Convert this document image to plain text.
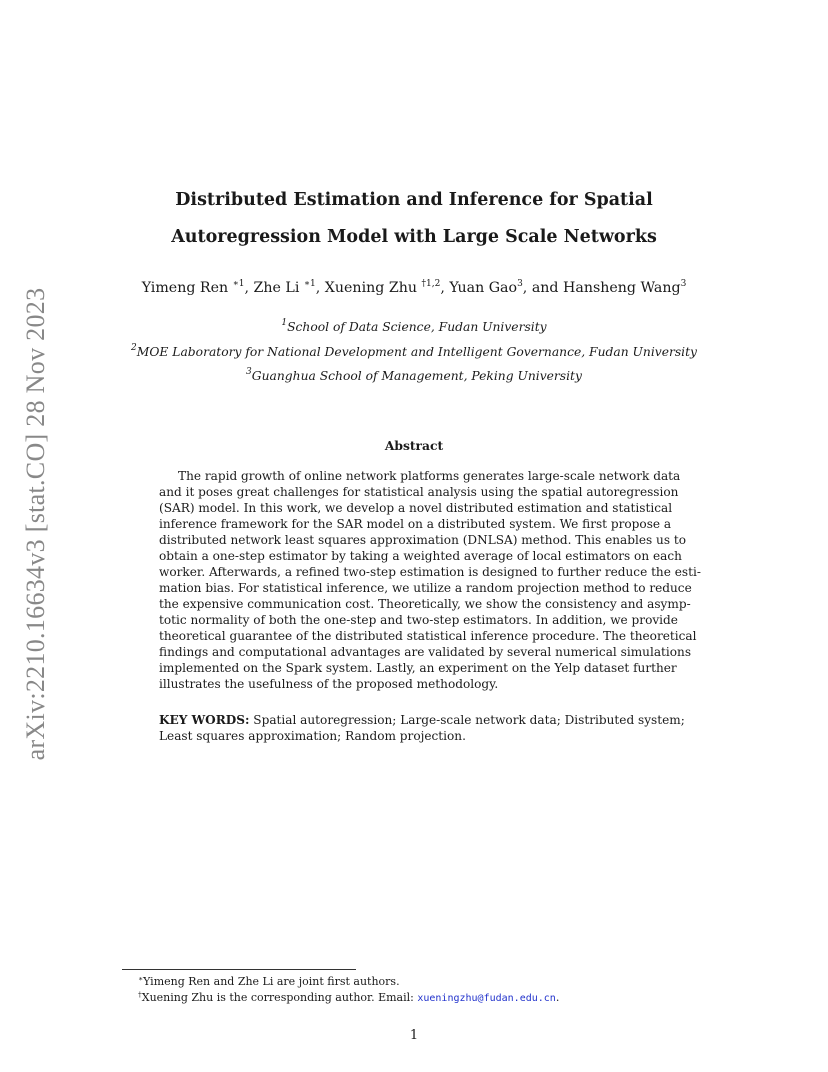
arXiv:2210.16634v3 [stat.CO] 28 Nov 2023
Distributed Estimation and Inference for Spatial
Autoregression Model with Large Scale Networks
Yimeng Ren $^{∗1}$, Zhe Li $^{∗1}$, Xuening Zhu $^{\dagger 1,2}$, Yuan Gao$^3$, and Hansheng Wang$^3$
$^1$School of Data Science, Fudan University
$^2$MOE Laboratory for National Development and Intelligent Governance, Fudan University
$^3$Guanghua School of Management, Peking University
Abstract
The rapid growth of online network platforms generates large-scale network data
and it poses great challenges for statistical analysis using the spatial autoregression
(SAR) model. In this work, we develop a novel distributed estimation and statistical
inference framework for the SAR model on a distributed system. We first propose a
distributed network least squares approximation (DNLSA) method. This enables us to
obtain a one-step estimator by taking a weighted average of local estimators on each
worker. Afterwards, a refined two-step estimation is designed to further reduce the esti-
mation bias. For statistical inference, we utilize a random projection method to reduce
the expensive communication cost. Theoretically, we show the consistency and asymp-
totic normality of both the one-step and two-step estimators. In addition, we provide
theoretical guarantee of the distributed statistical inference procedure. The theoretical
findings and computational advantages are validated by several numerical simulations
implemented on the Spark system. Lastly, an experiment on the Yelp dataset further
illustrates the usefulness of the proposed methodology.
KEY WORDS: Spatial autoregression; Large-scale network data; Distributed system;
Least squares approximation; Random projection.
∗Yimeng Ren and Zhe Li are joint first authors.
†Xuening Zhu is the corresponding author. Email: xueningzhu@fudan.edu.cn.
1
